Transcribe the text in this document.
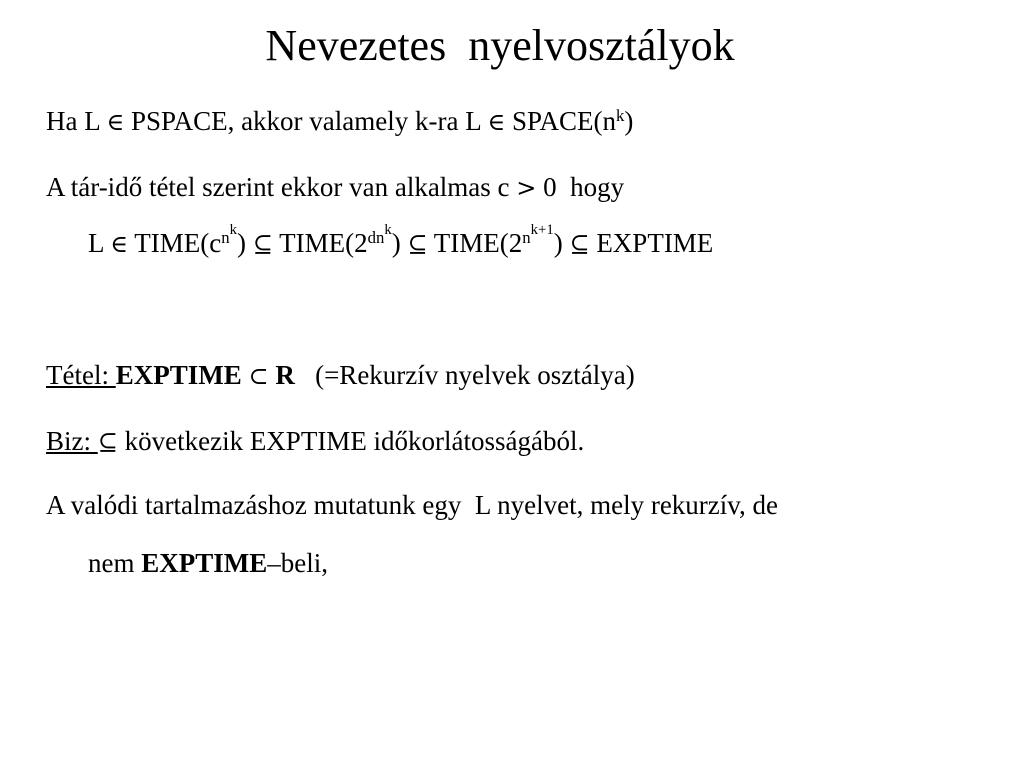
Nevezetes  nyelvosztályok
Ha L ∈ PSPACE, akkor valamely k-ra L ∈ $SPACE(n^k)$
A tár-idő tétel szerint ekkor van alkalmas c > 0  hogy
L ∈ $TIME(c^{n^k})$ ⊆ $TIME(2^{dn^k})$ ⊆ $TIME(2^{n^{k+1}})$ ⊆ EXPTIME
Tétel: EXPTIME ⊂ R   (=Rekurzív nyelvek osztálya)
Biz: ⊆ következik EXPTIME időkorlátosságából.
A valódi tartalmazáshoz mutatunk egy  L nyelvet, mely rekurzív, de
nem EXPTIME–beli,
